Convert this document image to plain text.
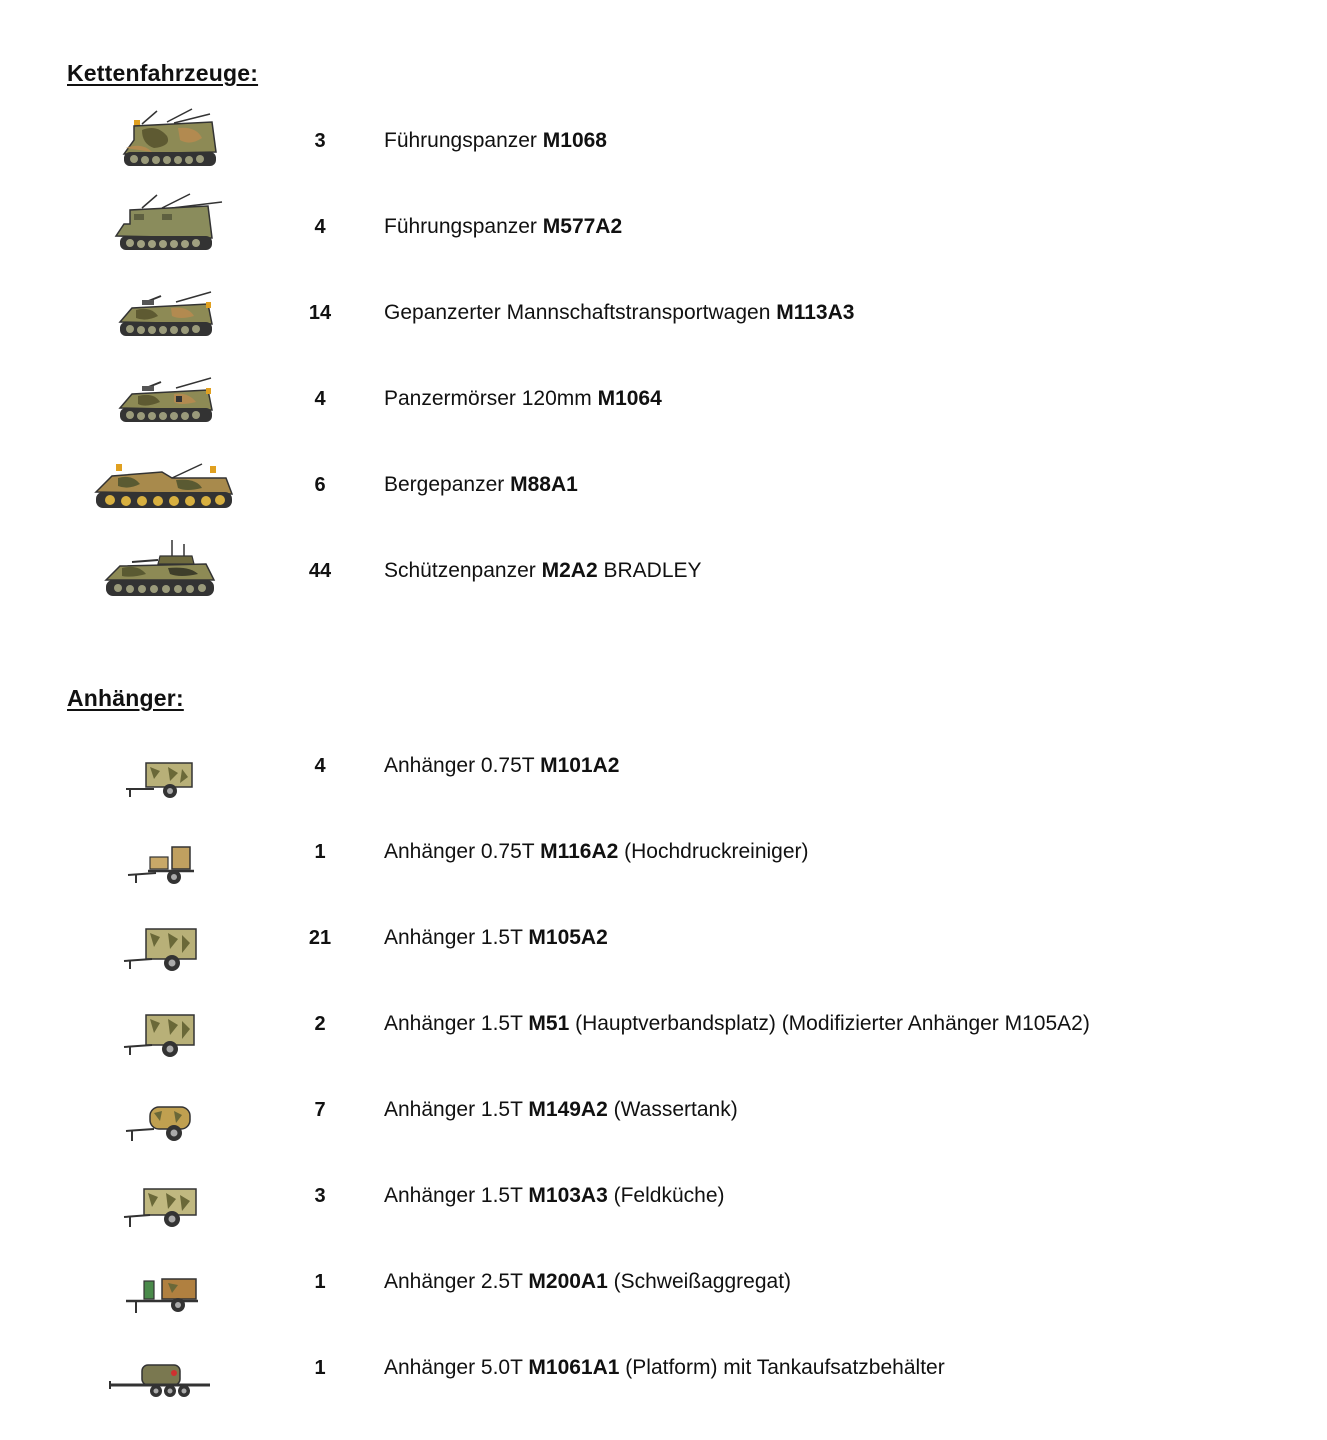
Kettenfahrzeuge:
3	Führungspanzer M1068
4	Führungspanzer M577A2
14	Gepanzerter Mannschaftstransportwagen M113A3
4	Panzermörser 120mm M1064
6	Bergepanzer M88A1
44	Schützenpanzer M2A2 BRADLEY
Anhänger:
4	Anhänger 0.75T M101A2
1	Anhänger 0.75T M116A2 (Hochdruckreiniger)
21	Anhänger 1.5T M105A2
2	Anhänger 1.5T M51 (Hauptverbandsplatz) (Modifizierter Anhänger M105A2)
7	Anhänger 1.5T M149A2 (Wassertank)
3	Anhänger 1.5T M103A3 (Feldküche)
1	Anhänger 2.5T M200A1 (Schweißaggregat)
1	Anhänger 5.0T M1061A1 (Platform) mit Tankaufsatzbehälter
